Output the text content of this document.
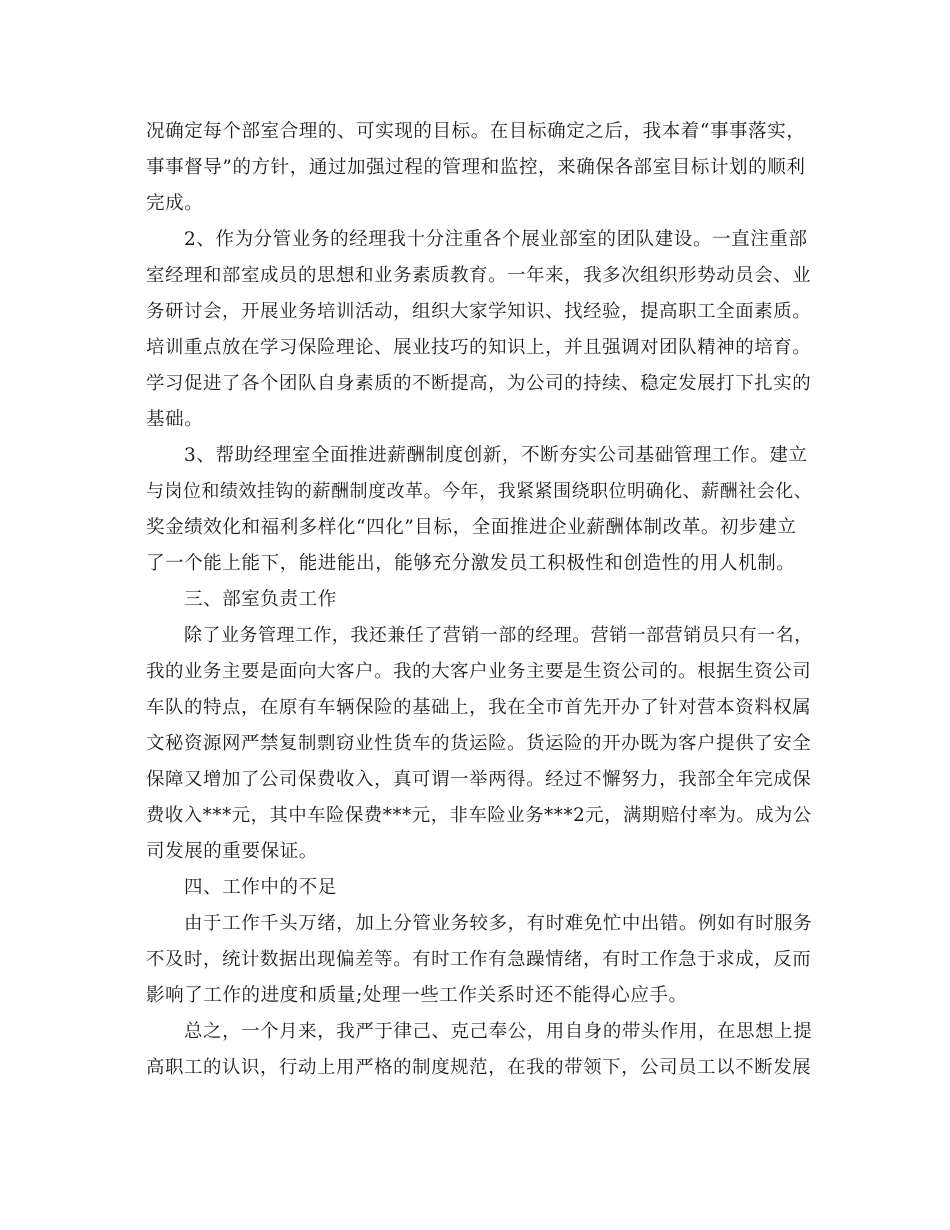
况确定每个部室合理的、可实现的目标。在目标确定之后，我本着“事事落实，
事事督导”的方针，通过加强过程的管理和监控，来确保各部室目标计划的顺利
完成。
2、作为分管业务的经理我十分注重各个展业部室的团队建设。一直注重部
室经理和部室成员的思想和业务素质教育。一年来，我多次组织形势动员会、业
务研讨会，开展业务培训活动，组织大家学知识、找经验，提高职工全面素质。
培训重点放在学习保险理论、展业技巧的知识上，并且强调对团队精神的培育。
学习促进了各个团队自身素质的不断提高，为公司的持续、稳定发展打下扎实的
基础。
3、帮助经理室全面推进薪酬制度创新，不断夯实公司基础管理工作。建立
与岗位和绩效挂钩的薪酬制度改革。今年，我紧紧围绕职位明确化、薪酬社会化、
奖金绩效化和福利多样化“四化”目标，全面推进企业薪酬体制改革。初步建立
了一个能上能下，能进能出，能够充分激发员工积极性和创造性的用人机制。
三、部室负责工作
除了业务管理工作，我还兼任了营销一部的经理。营销一部营销员只有一名，
我的业务主要是面向大客户。我的大客户业务主要是生资公司的。根据生资公司
车队的特点，在原有车辆保险的基础上，我在全市首先开办了针对营本资料权属
文秘资源网严禁复制剽窃业性货车的货运险。货运险的开办既为客户提供了安全
保障又增加了公司保费收入，真可谓一举两得。经过不懈努力，我部全年完成保
费收入***元，其中车险保费***元，非车险业务***2元，满期赔付率为。成为公
司发展的重要保证。
四、工作中的不足
由于工作千头万绪，加上分管业务较多，有时难免忙中出错。例如有时服务
不及时，统计数据出现偏差等。有时工作有急躁情绪，有时工作急于求成，反而
影响了工作的进度和质量;处理一些工作关系时还不能得心应手。
总之，一个月来，我严于律己、克己奉公，用自身的带头作用，在思想上提
高职工的认识，行动上用严格的制度规范，在我的带领下，公司员工以不断发展
